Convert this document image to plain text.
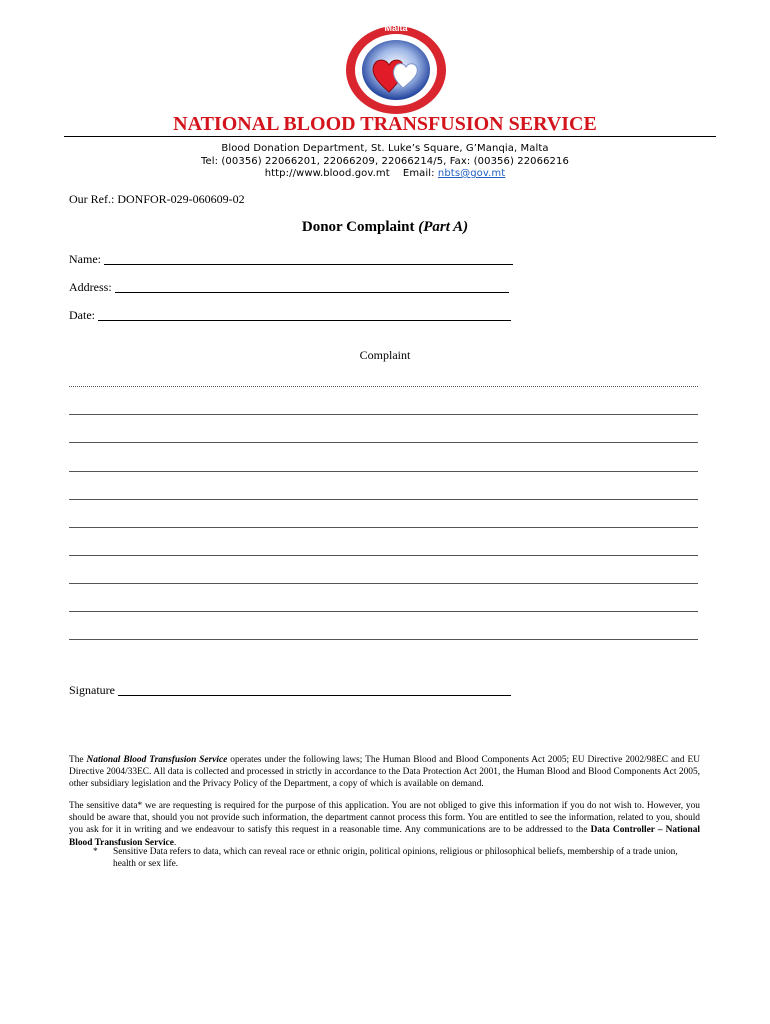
Malta
NATIONAL BLOOD TRANSFUSION SERVICE
Blood Donation Department, St. Luke’s Square, G’Manqia, Malta
Tel: (00356) 22066201, 22066209, 22066214/5, Fax: (00356) 22066216
http://www.blood.gov.mt Email: nbts@gov.mt
Our Ref.: DONFOR-029-060609-02
Donor Complaint (Part A)
Name:
Address:
Date:
Complaint
Signature
The National Blood Transfusion Service operates under the following laws; The Human Blood and Blood Components Act 2005; EU Directive 2002/98EC and EU Directive 2004/33EC. All data is collected and processed in strictly in accordance to the Data Protection Act 2001, the Human Blood and Blood Components Act 2005, other subsidiary legislation and the Privacy Policy of the Department, a copy of which is available on demand.
The sensitive data* we are requesting is required for the purpose of this application. You are not obliged to give this information if you do not wish to. However, you should be aware that, should you not provide such information, the department cannot process this form. You are entitled to see the information, related to you, should you ask for it in writing and we endeavour to satisfy this request in a reasonable time. Any communications are to be addressed to the Data Controller – National Blood Transfusion Service.
* Sensitive Data refers to data, which can reveal race or ethnic origin, political opinions, religious or philosophical beliefs, membership of a trade union, health or sex life.
